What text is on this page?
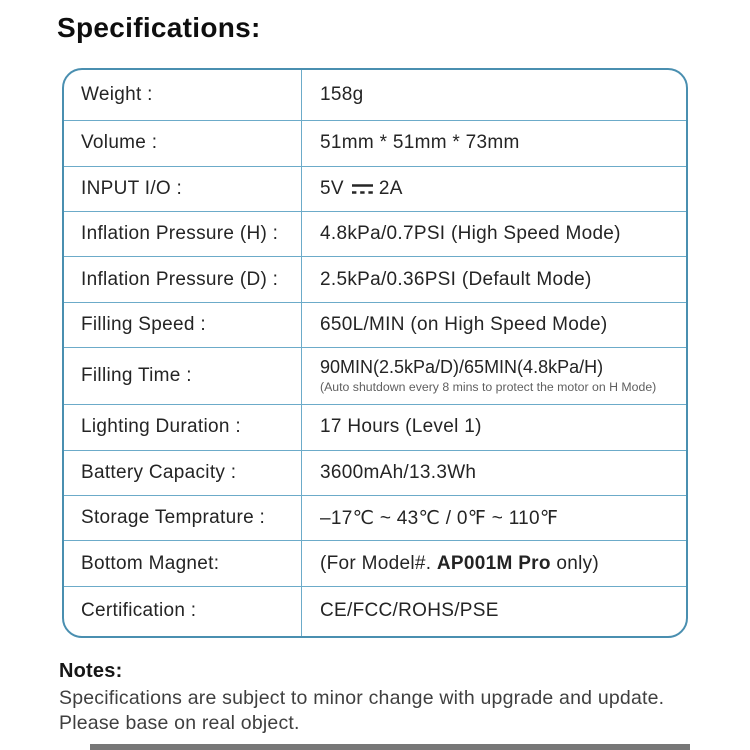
Specifications:
Weight :	158g
Volume :	51mm * 51mm * 73mm
INPUT I/O :	5V 2A
Inflation Pressure (H) :	4.8kPa/0.7PSI (High Speed Mode)
Inflation Pressure (D) :	2.5kPa/0.36PSI (Default Mode)
Filling Speed :	650L/MIN (on High Speed Mode)
Filling Time :	90MIN(2.5kPa/D)/65MIN(4.8kPa/H)
(Auto shutdown every 8 mins to protect the motor on H Mode)
Lighting Duration :	17 Hours (Level 1)
Battery Capacity :	3600mAh/13.3Wh
Storage Temprature :	–17℃ ~ 43℃ / 0℉ ~ 110℉
Bottom Magnet:	(For Model#. AP001M Pro only)
Certification :	CE/FCC/ROHS/PSE
Notes:
Specifications are subject to minor change with upgrade and update. Please base on real object.
